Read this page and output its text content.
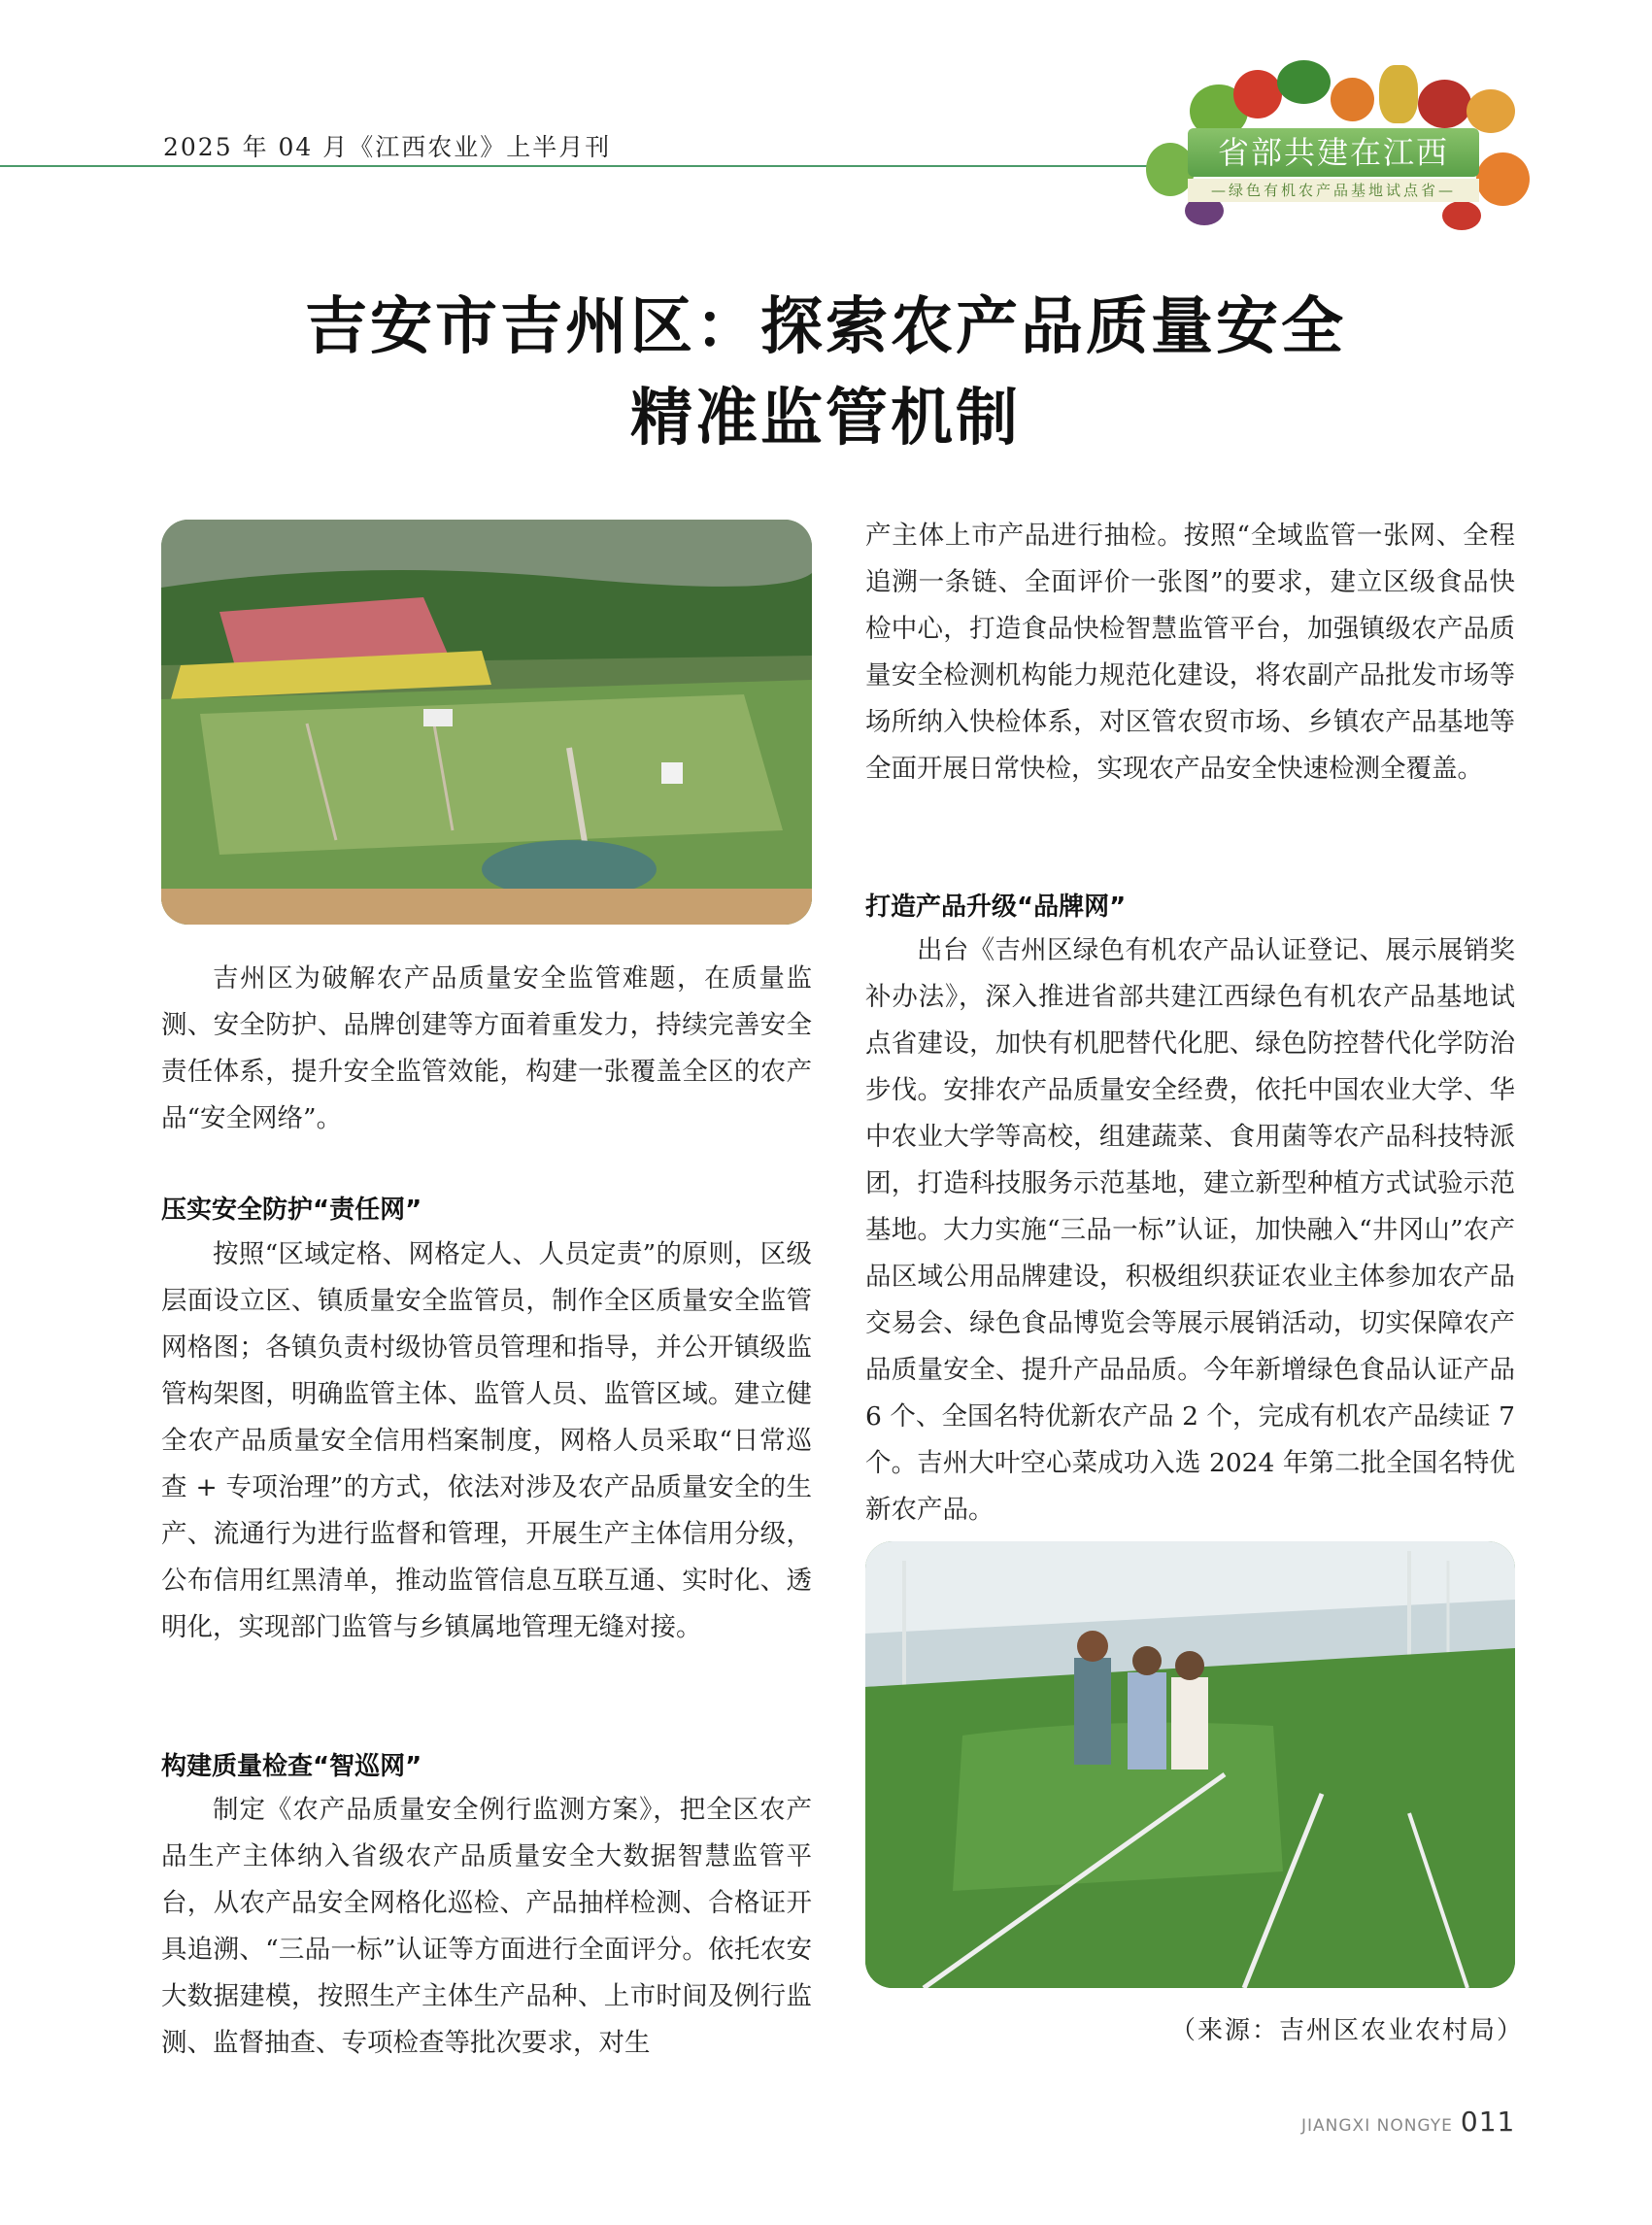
2025 年 04 月《江西农业》上半月刊	省部共建在江西
—绿色有机农产品基地试点省—
吉安市吉州区：探索农产品质量安全
精准监管机制

吉州区为破解农产品质量安全监管难题，在质量监测、安全防护、品牌创建等方面着重发力，持续完善安全责任体系，提升安全监管效能，构建一张覆盖全区的农产品“安全网络”。

压实安全防护“责任网”

按照“区域定格、网格定人、人员定责”的原则，区级层面设立区、镇质量安全监管员，制作全区质量安全监管网格图；各镇负责村级协管员管理和指导，并公开镇级监管构架图，明确监管主体、监管人员、监管区域。建立健全农产品质量安全信用档案制度，网格人员采取“日常巡查 + 专项治理”的方式，依法对涉及农产品质量安全的生产、流通行为进行监督和管理，开展生产主体信用分级，公布信用红黑清单，推动监管信息互联互通、实时化、透明化，实现部门监管与乡镇属地管理无缝对接。

构建质量检查“智巡网”

制定《农产品质量安全例行监测方案》，把全区农产品生产主体纳入省级农产品质量安全大数据智慧监管平台，从农产品安全网格化巡检、产品抽样检测、合格证开具追溯、“三品一标”认证等方面进行全面评分。依托农安大数据建模，按照生产主体生产品种、上市时间及例行监测、监督抽查、专项检查等批次要求，对生

产主体上市产品进行抽检。按照“全域监管一张网、全程追溯一条链、全面评价一张图”的要求，建立区级食品快检中心，打造食品快检智慧监管平台，加强镇级农产品质量安全检测机构能力规范化建设，将农副产品批发市场等场所纳入快检体系，对区管农贸市场、乡镇农产品基地等全面开展日常快检，实现农产品安全快速检测全覆盖。

打造产品升级“品牌网”

出台《吉州区绿色有机农产品认证登记、展示展销奖补办法》，深入推进省部共建江西绿色有机农产品基地试点省建设，加快有机肥替代化肥、绿色防控替代化学防治步伐。安排农产品质量安全经费，依托中国农业大学、华中农业大学等高校，组建蔬菜、食用菌等农产品科技特派团，打造科技服务示范基地，建立新型种植方式试验示范基地。大力实施“三品一标”认证，加快融入“井冈山”农产品区域公用品牌建设，积极组织获证农业主体参加农产品交易会、绿色食品博览会等展示展销活动，切实保障农产品质量安全、提升产品品质。今年新增绿色食品认证产品 6 个、全国名特优新农产品 2 个，完成有机农产品续证 7 个。吉州大叶空心菜成功入选 2024 年第二批全国名特优新农产品。

（来源：吉州区农业农村局）
JIANGXI NONGYE 011
